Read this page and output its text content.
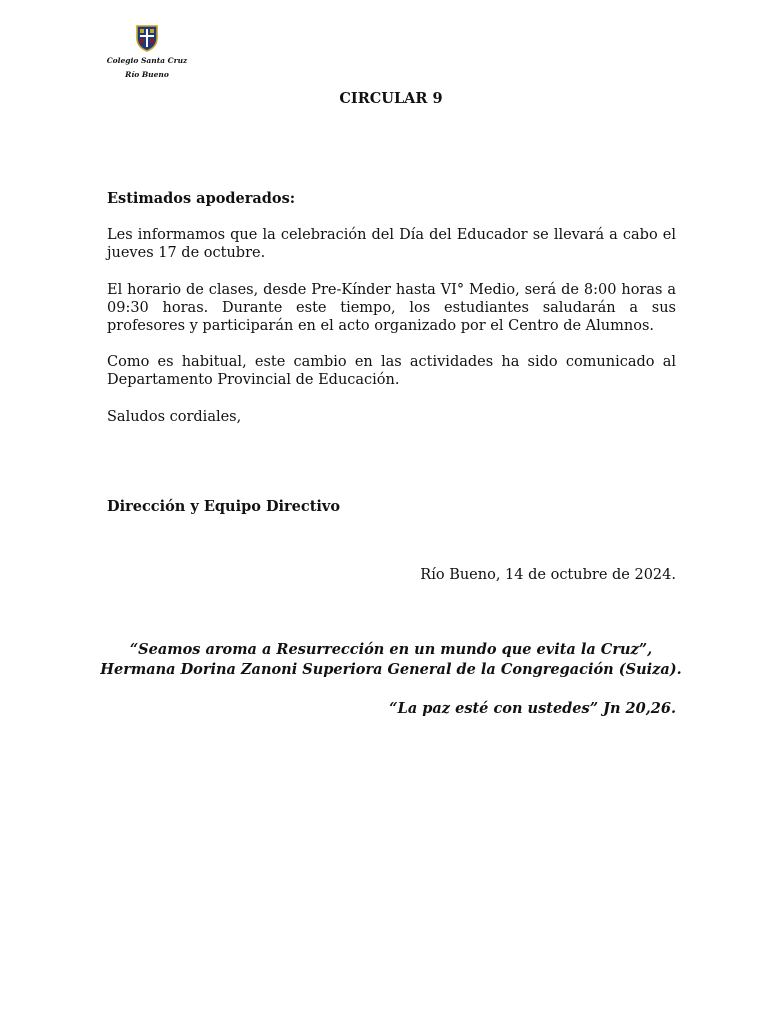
Colegio Santa Cruz
Río Bueno
CIRCULAR 9

Estimados apoderados:

Les informamos que la celebración del Día del Educador se llevará a cabo el jueves 17 de octubre.

El horario de clases, desde Pre-Kínder hasta VI° Medio, será de 8:00 horas a 09:30 horas. Durante este tiempo, los estudiantes saludarán a sus profesores y participarán en el acto organizado por el Centro de Alumnos.

Como es habitual, este cambio en las actividades ha sido comunicado al Departamento Provincial de Educación.

Saludos cordiales,

Dirección y Equipo Directivo

Río Bueno, 14 de octubre de 2024.

“Seamos aroma a Resurrección en un mundo que evita la Cruz”,
Hermana Dorina Zanoni Superiora General de la Congregación (Suiza).
“La paz esté con ustedes” Jn 20,26.
